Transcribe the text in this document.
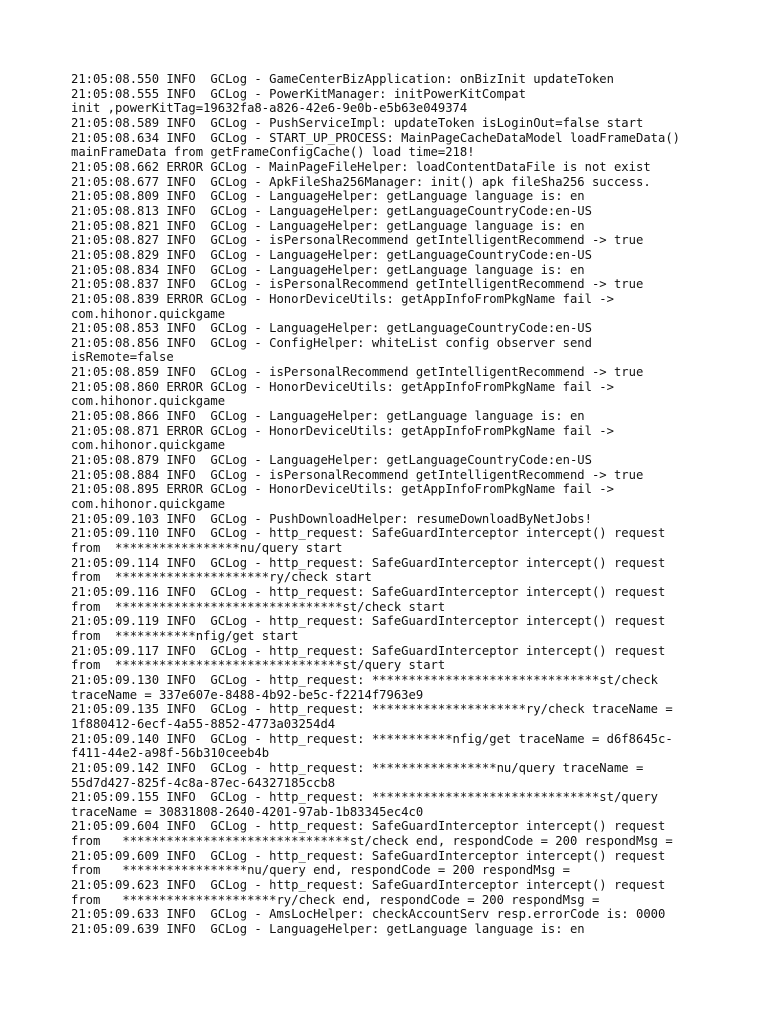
21:05:08.550 INFO  GCLog - GameCenterBizApplication: onBizInit updateToken
21:05:08.555 INFO  GCLog - PowerKitManager: initPowerKitCompat
init ,powerKitTag=19632fa8-a826-42e6-9e0b-e5b63e049374
21:05:08.589 INFO  GCLog - PushServiceImpl: updateToken isLoginOut=false start
21:05:08.634 INFO  GCLog - START_UP_PROCESS: MainPageCacheDataModel loadFrameData()
mainFrameData from getFrameConfigCache() load time=218!
21:05:08.662 ERROR GCLog - MainPageFileHelper: loadContentDataFile is not exist
21:05:08.677 INFO  GCLog - ApkFileSha256Manager: init() apk fileSha256 success.
21:05:08.809 INFO  GCLog - LanguageHelper: getLanguage language is: en
21:05:08.813 INFO  GCLog - LanguageHelper: getLanguageCountryCode:en-US
21:05:08.821 INFO  GCLog - LanguageHelper: getLanguage language is: en
21:05:08.827 INFO  GCLog - isPersonalRecommend getIntelligentRecommend -> true
21:05:08.829 INFO  GCLog - LanguageHelper: getLanguageCountryCode:en-US
21:05:08.834 INFO  GCLog - LanguageHelper: getLanguage language is: en
21:05:08.837 INFO  GCLog - isPersonalRecommend getIntelligentRecommend -> true
21:05:08.839 ERROR GCLog - HonorDeviceUtils: getAppInfoFromPkgName fail ->
com.hihonor.quickgame
21:05:08.853 INFO  GCLog - LanguageHelper: getLanguageCountryCode:en-US
21:05:08.856 INFO  GCLog - ConfigHelper: whiteList config observer send
isRemote=false
21:05:08.859 INFO  GCLog - isPersonalRecommend getIntelligentRecommend -> true
21:05:08.860 ERROR GCLog - HonorDeviceUtils: getAppInfoFromPkgName fail ->
com.hihonor.quickgame
21:05:08.866 INFO  GCLog - LanguageHelper: getLanguage language is: en
21:05:08.871 ERROR GCLog - HonorDeviceUtils: getAppInfoFromPkgName fail ->
com.hihonor.quickgame
21:05:08.879 INFO  GCLog - LanguageHelper: getLanguageCountryCode:en-US
21:05:08.884 INFO  GCLog - isPersonalRecommend getIntelligentRecommend -> true
21:05:08.895 ERROR GCLog - HonorDeviceUtils: getAppInfoFromPkgName fail ->
com.hihonor.quickgame
21:05:09.103 INFO  GCLog - PushDownloadHelper: resumeDownloadByNetJobs!
21:05:09.110 INFO  GCLog - http_request: SafeGuardInterceptor intercept() request
from  *****************nu/query start
21:05:09.114 INFO  GCLog - http_request: SafeGuardInterceptor intercept() request
from  *********************ry/check start
21:05:09.116 INFO  GCLog - http_request: SafeGuardInterceptor intercept() request
from  *******************************st/check start
21:05:09.119 INFO  GCLog - http_request: SafeGuardInterceptor intercept() request
from  ***********nfig/get start
21:05:09.117 INFO  GCLog - http_request: SafeGuardInterceptor intercept() request
from  *******************************st/query start
21:05:09.130 INFO  GCLog - http_request: *******************************st/check
traceName = 337e607e-8488-4b92-be5c-f2214f7963e9
21:05:09.135 INFO  GCLog - http_request: *********************ry/check traceName =
1f880412-6ecf-4a55-8852-4773a03254d4
21:05:09.140 INFO  GCLog - http_request: ***********nfig/get traceName = d6f8645c-
f411-44e2-a98f-56b310ceeb4b
21:05:09.142 INFO  GCLog - http_request: *****************nu/query traceName =
55d7d427-825f-4c8a-87ec-64327185ccb8
21:05:09.155 INFO  GCLog - http_request: *******************************st/query
traceName = 30831808-2640-4201-97ab-1b83345ec4c0
21:05:09.604 INFO  GCLog - http_request: SafeGuardInterceptor intercept() request
from   *******************************st/check end, respondCode = 200 respondMsg =
21:05:09.609 INFO  GCLog - http_request: SafeGuardInterceptor intercept() request
from   *****************nu/query end, respondCode = 200 respondMsg =
21:05:09.623 INFO  GCLog - http_request: SafeGuardInterceptor intercept() request
from   *********************ry/check end, respondCode = 200 respondMsg =
21:05:09.633 INFO  GCLog - AmsLocHelper: checkAccountServ resp.errorCode is: 0000
21:05:09.639 INFO  GCLog - LanguageHelper: getLanguage language is: en
